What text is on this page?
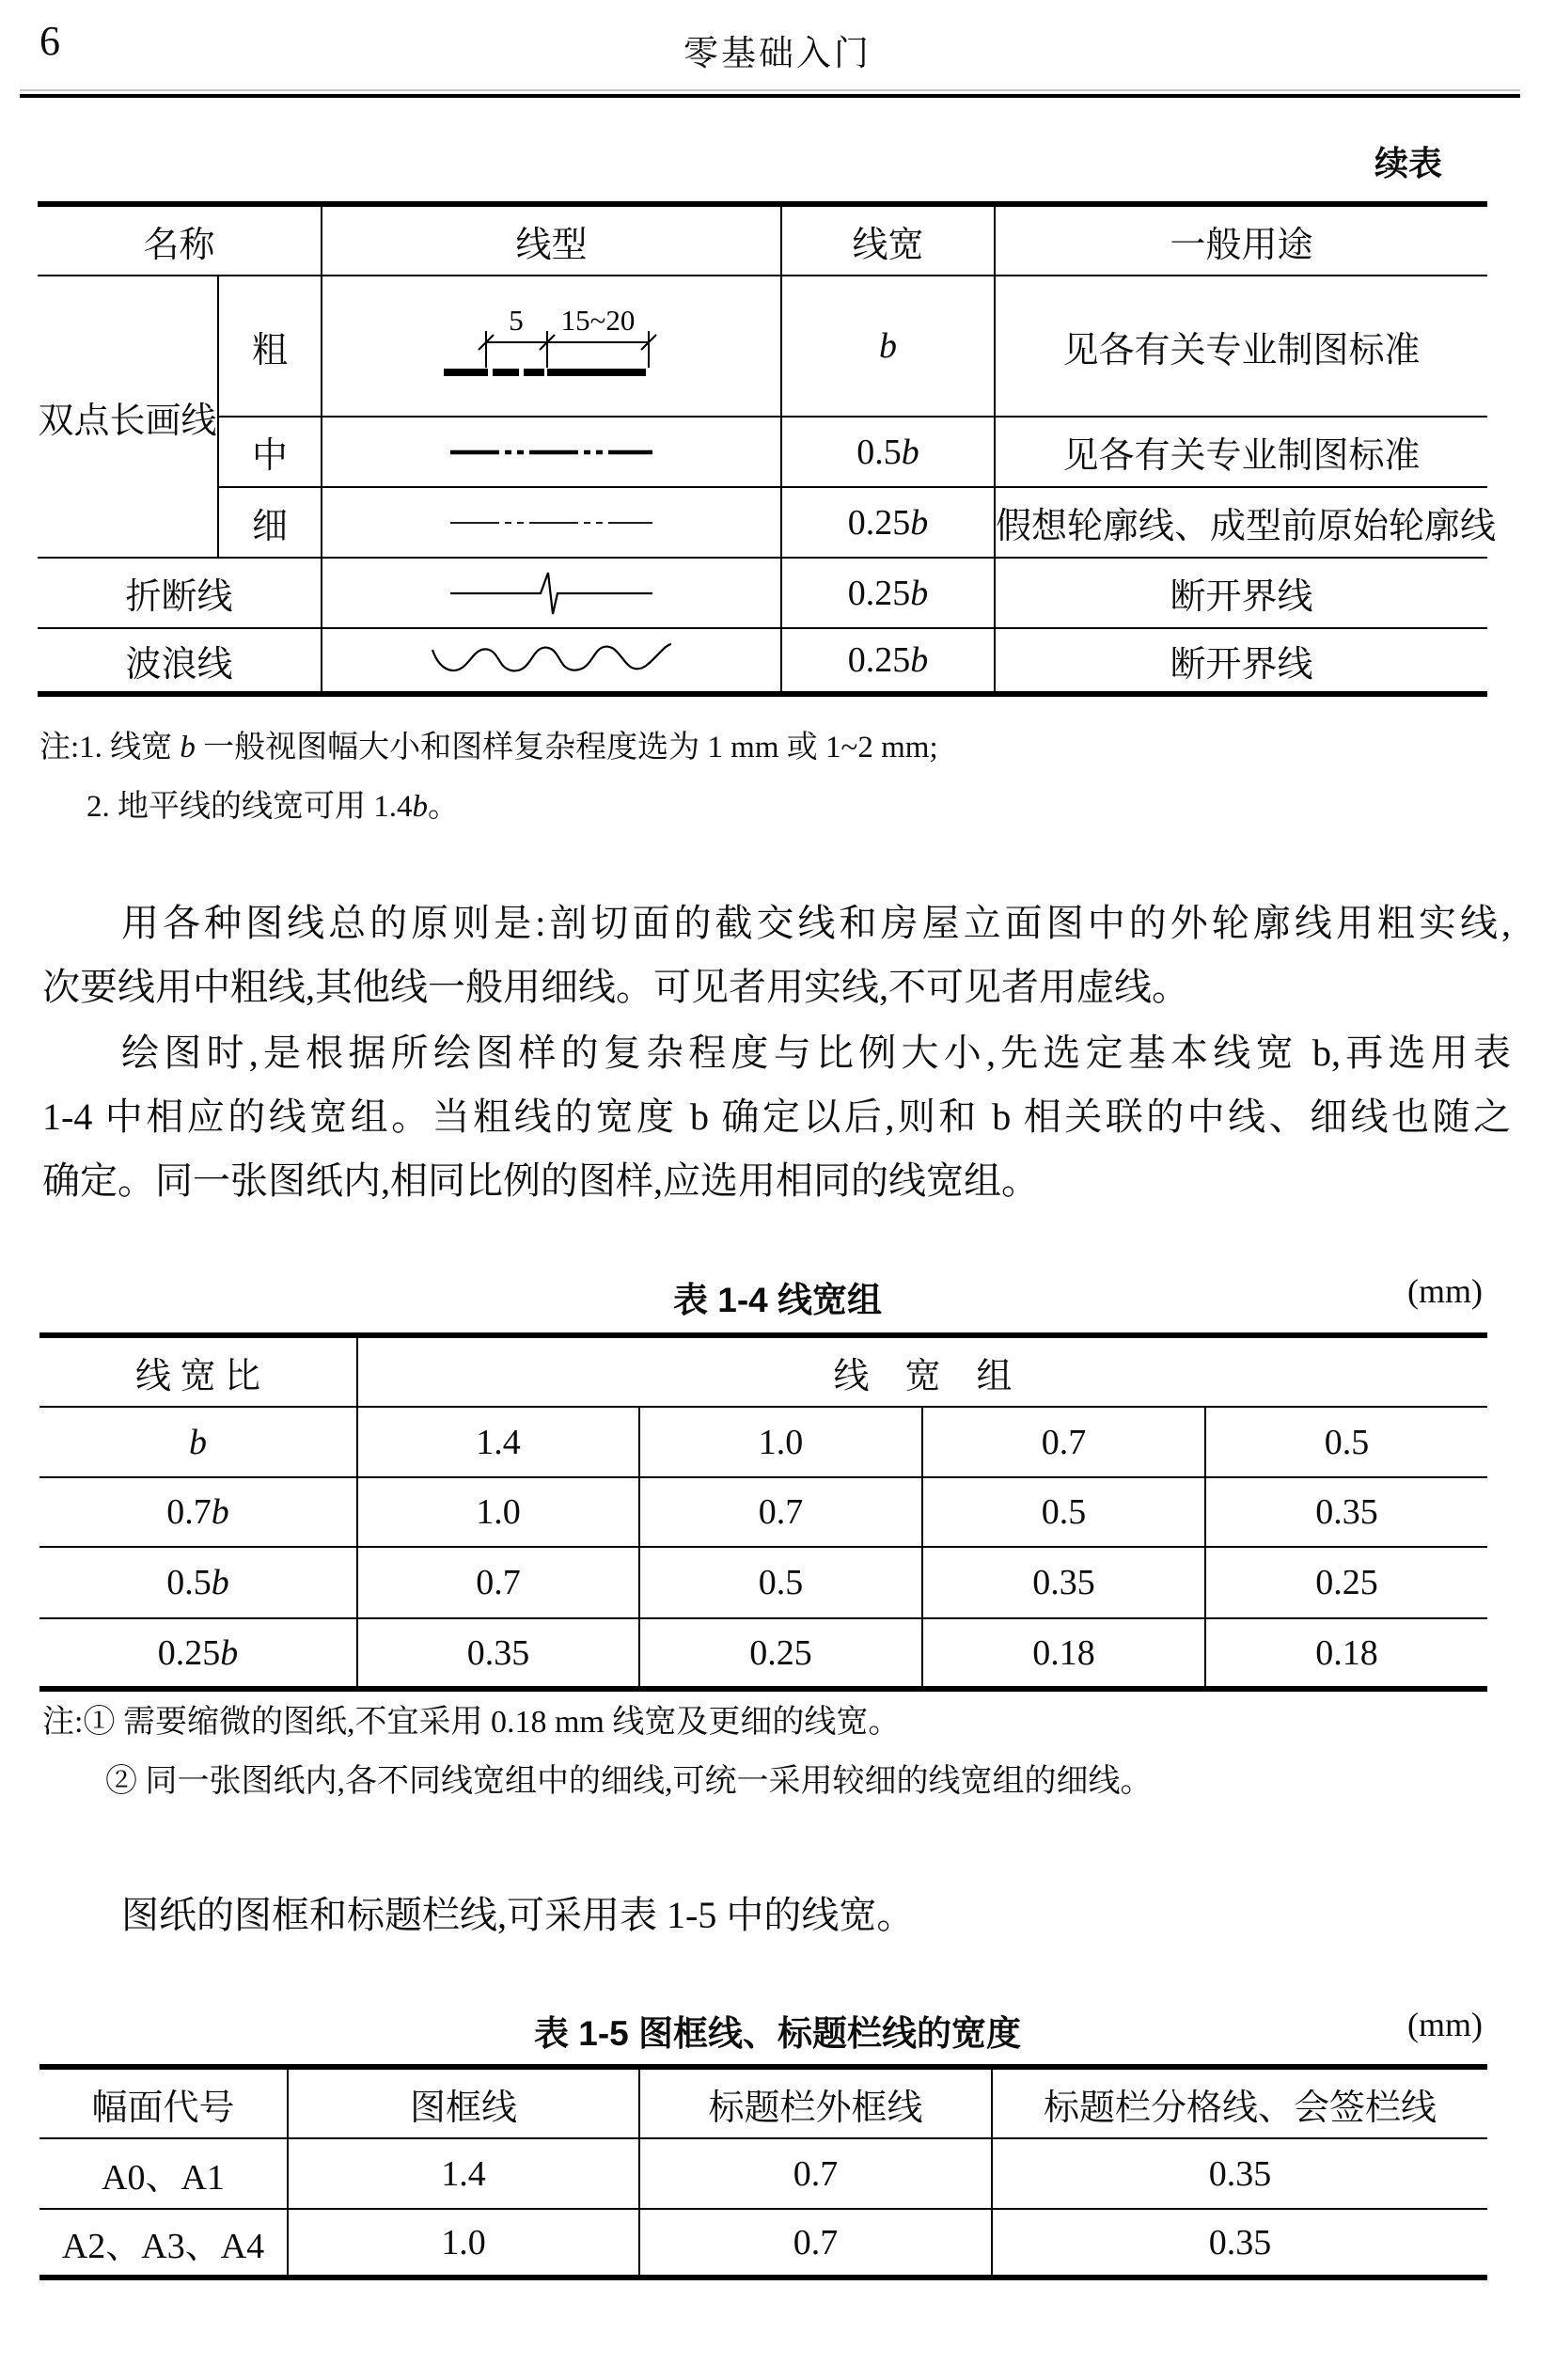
6	零基础入门
续表
名称		线型	线宽	一般用途
双点长画线	粗	5 15~20	b	见各有关专业制图标准
	中		0.5b	见各有关专业制图标准
	细		0.25b	假想轮廓线、成型前原始轮廓线
折断线			0.25b	断开界线
波浪线			0.25b	断开界线
注:1. 线宽 b 一般视图幅大小和图样复杂程度选为 1 mm 或 1~2 mm;
2. 地平线的线宽可用 1.4b。
用各种图线总的原则是:剖切面的截交线和房屋立面图中的外轮廓线用粗实线,
次要线用中粗线,其他线一般用细线。可见者用实线,不可见者用虚线。
绘图时,是根据所绘图样的复杂程度与比例大小,先选定基本线宽 b,再选用表
1-4 中相应的线宽组。当粗线的宽度 b 确定以后,则和 b 相关联的中线、细线也随之
确定。同一张图纸内,相同比例的图样,应选用相同的线宽组。
表 1-4 线宽组	(mm)
线 宽 比	线　宽　组			
b	1.4	1.0	0.7	0.5
0.7b	1.0	0.7	0.5	0.35
0.5b	0.7	0.5	0.35	0.25
0.25b	0.35	0.25	0.18	0.18
注:① 需要缩微的图纸,不宜采用 0.18 mm 线宽及更细的线宽。
② 同一张图纸内,各不同线宽组中的细线,可统一采用较细的线宽组的细线。
图纸的图框和标题栏线,可采用表 1-5 中的线宽。
表 1-5 图框线、标题栏线的宽度	(mm)
幅面代号	图框线	标题栏外框线	标题栏分格线、会签栏线
A0、A1	1.4	0.7	0.35
A2、A3、A4	1.0	0.7	0.35
